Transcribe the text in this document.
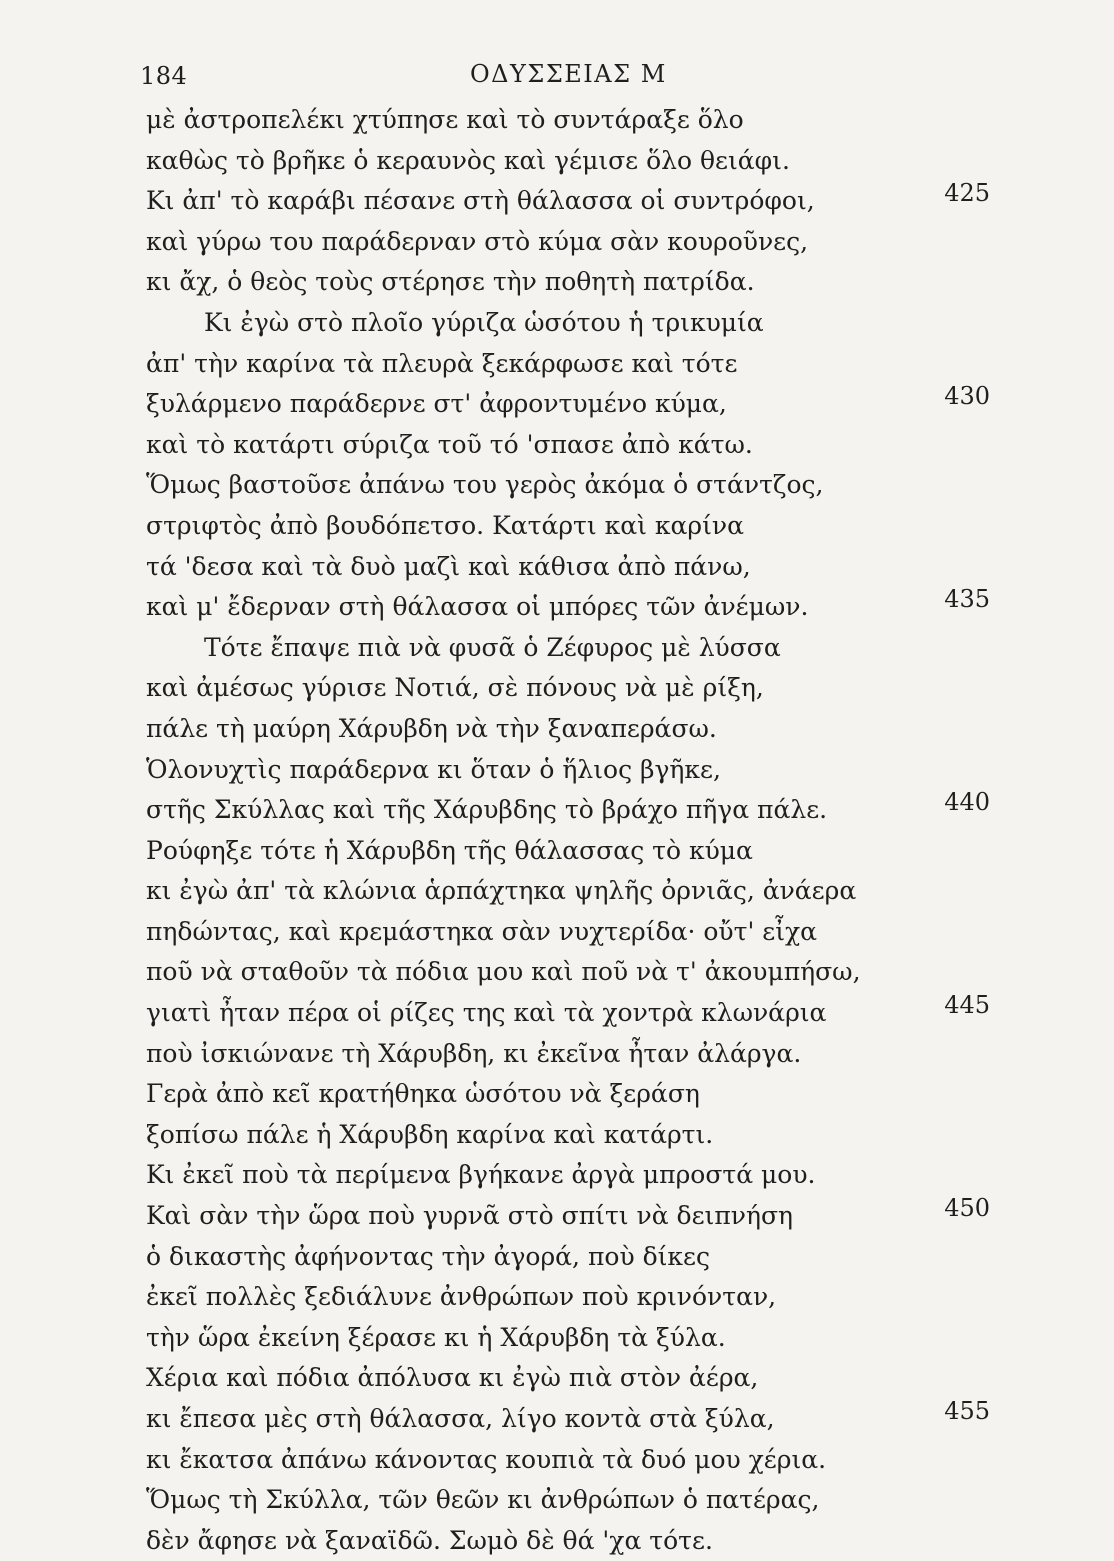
184	ΟΔΥΣΣΕΙΑΣ Μ
μὲ ἀστροπελέκι χτύπησε καὶ τὸ συντάραξε ὅλο
καθὼς τὸ βρῆκε ὁ κεραυνὸς καὶ γέμισε ὅλο θειάφι.
Κι ἀπ' τὸ καράβι πέσανε στὴ θάλασσα οἱ συντρόφοι,	425
καὶ γύρω του παράδερναν στὸ κύμα σὰν κουροῦνες,
κι ἄχ, ὁ θεὸς τοὺς στέρησε τὴν ποθητὴ πατρίδα.
Κι ἐγὼ στὸ πλοῖο γύριζα ὡσότου ἡ τρικυμία
ἀπ' τὴν καρίνα τὰ πλευρὰ ξεκάρφωσε καὶ τότε
ξυλάρμενο παράδερνε στ' ἀφροντυμένο κύμα,	430
καὶ τὸ κατάρτι σύριζα τοῦ τό 'σπασε ἀπὸ κάτω.
Ὅμως βαστοῦσε ἀπάνω του γερὸς ἀκόμα ὁ στάντζος,
στριφτὸς ἀπὸ βουδόπετσο. Κατάρτι καὶ καρίνα
τά 'δεσα καὶ τὰ δυὸ μαζὶ καὶ κάθισα ἀπὸ πάνω,
καὶ μ' ἔδερναν στὴ θάλασσα οἱ μπόρες τῶν ἀνέμων.	435
Τότε ἔπαψε πιὰ νὰ φυσᾶ ὁ Ζέφυρος μὲ λύσσα
καὶ ἀμέσως γύρισε Νοτιά, σὲ πόνους νὰ μὲ ρίξη,
πάλε τὴ μαύρη Χάρυβδη νὰ τὴν ξαναπεράσω.
Ὁλονυχτὶς παράδερνα κι ὅταν ὁ ἥλιος βγῆκε,
στῆς Σκύλλας καὶ τῆς Χάρυβδης τὸ βράχο πῆγα πάλε.	440
Ρούφηξε τότε ἡ Χάρυβδη τῆς θάλασσας τὸ κύμα
κι ἐγὼ ἀπ' τὰ κλώνια ἁρπάχτηκα ψηλῆς ὀρνιᾶς, ἀνάερα
πηδώντας, καὶ κρεμάστηκα σὰν νυχτερίδα· οὔτ' εἶχα
ποῦ νὰ σταθοῦν τὰ πόδια μου καὶ ποῦ νὰ τ' ἀκουμπήσω,
γιατὶ ἦταν πέρα οἱ ρίζες της καὶ τὰ χοντρὰ κλωνάρια	445
ποὺ ἰσκιώνανε τὴ Χάρυβδη, κι ἐκεῖνα ἦταν ἀλάργα.
Γερὰ ἀπὸ κεῖ κρατήθηκα ὡσότου νὰ ξεράση
ξοπίσω πάλε ἡ Χάρυβδη καρίνα καὶ κατάρτι.
Κι ἐκεῖ ποὺ τὰ περίμενα βγήκανε ἀργὰ μπροστά μου.
Καὶ σὰν τὴν ὥρα ποὺ γυρνᾶ στὸ σπίτι νὰ δειπνήση	450
ὁ δικαστὴς ἀφήνοντας τὴν ἀγορά, ποὺ δίκες
ἐκεῖ πολλὲς ξεδιάλυνε ἀνθρώπων ποὺ κρινόνταν,
τὴν ὥρα ἐκείνη ξέρασε κι ἡ Χάρυβδη τὰ ξύλα.
Χέρια καὶ πόδια ἀπόλυσα κι ἐγὼ πιὰ στὸν ἀέρα,
κι ἔπεσα μὲς στὴ θάλασσα, λίγο κοντὰ στὰ ξύλα,	455
κι ἔκατσα ἀπάνω κάνοντας κουπιὰ τὰ δυό μου χέρια.
Ὅμως τὴ Σκύλλα, τῶν θεῶν κι ἀνθρώπων ὁ πατέρας,
δὲν ἄφησε νὰ ξαναϊδῶ. Σωμὸ δὲ θά 'χα τότε.
